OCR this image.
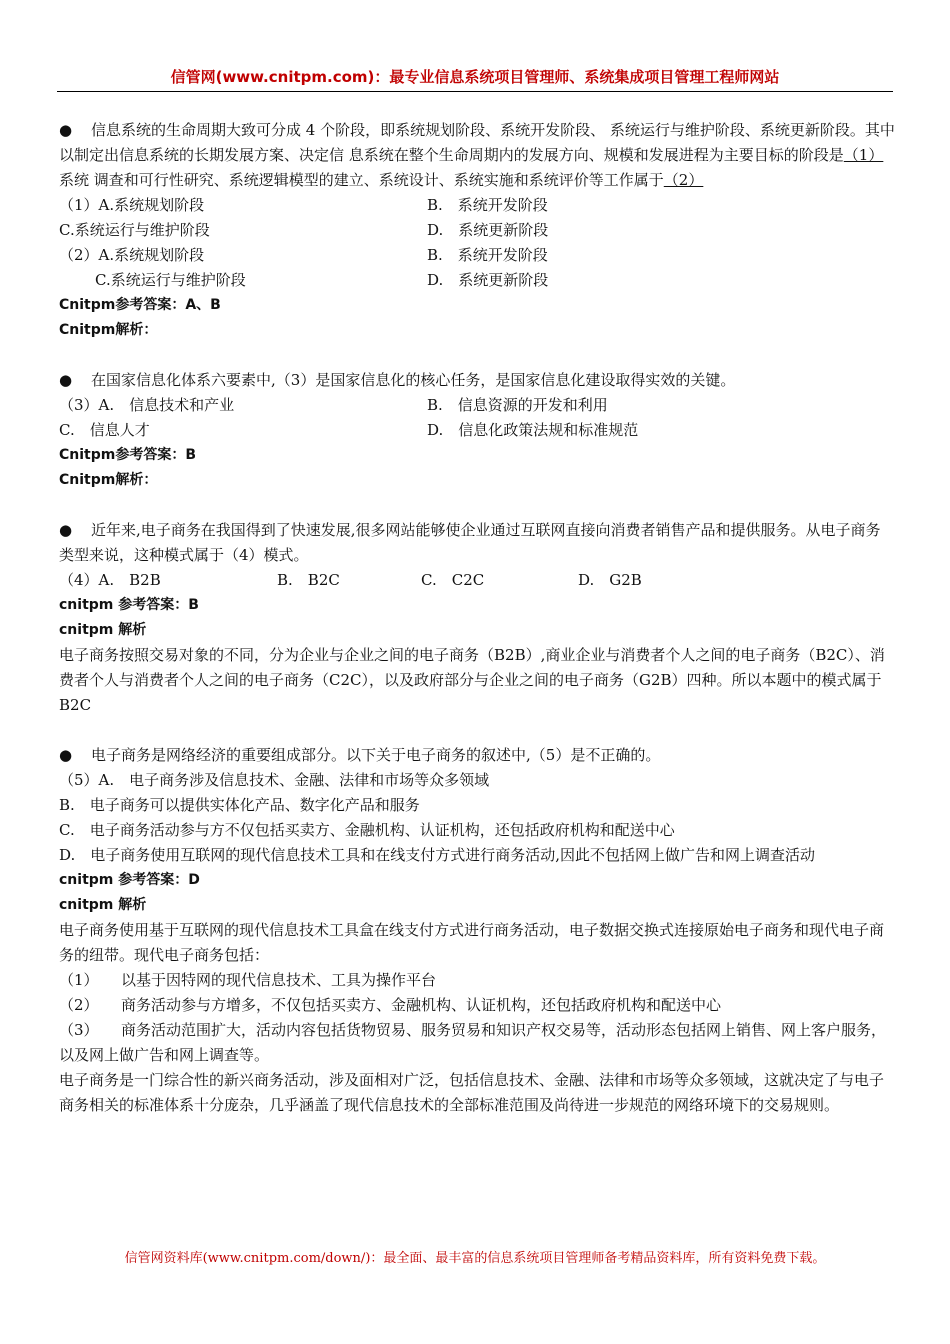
信管网(www.cnitpm.com)：最专业信息系统项目管理师、系统集成项目管理工程师网站

● 信息系统的生命周期大致可分成 4 个阶段，即系统规划阶段、系统开发阶段、 系统运行与维护阶段、系统更新阶段。其中以制定出信息系统的长期发展方案、决定信 息系统在整个生命周期内的发展方向、规模和发展进程为主要目标的阶段是（1）系统 调查和可行性研究、系统逻辑模型的建立、系统设计、系统实施和系统评价等工作属于（2）

（1）A.系统规划阶段	B.　系统开发阶段
C.系统运行与维护阶段	D.　系统更新阶段
（2）A.系统规划阶段	B.　系统开发阶段
C.系统运行与维护阶段	D.　系统更新阶段

Cnitpm参考答案：A、B

Cnitpm解析：

● 在国家信息化体系六要素中,（3）是国家信息化的核心任务，是国家信息化建设取得实效的关键。

（3）A.　信息技术和产业	B.　信息资源的开发和利用
C.　信息人才	D.　信息化政策法规和标准规范

Cnitpm参考答案：B

Cnitpm解析：

● 近年来,电子商务在我国得到了快速发展,很多网站能够使企业通过互联网直接向消费者销售产品和提供服务。从电子商务类型来说，这种模式属于（4）模式。

（4）A.　B2B	B.　B2C	C.　C2C	D.　G2B

cnitpm 参考答案：B

cnitpm 解析

电子商务按照交易对象的不同，分为企业与企业之间的电子商务（B2B）,商业企业与消费者个人之间的电子商务（B2C）、消费者个人与消费者个人之间的电子商务（C2C），以及政府部分与企业之间的电子商务（G2B）四种。所以本题中的模式属于 B2C

● 电子商务是网络经济的重要组成部分。以下关于电子商务的叙述中,（5）是不正确的。

（5）A.　电子商务涉及信息技术、金融、法律和市场等众多领域

B.　电子商务可以提供实体化产品、数字化产品和服务

C.　电子商务活动参与方不仅包括买卖方、金融机构、认证机构，还包括政府机构和配送中心

D.　电子商务使用互联网的现代信息技术工具和在线支付方式进行商务活动,因此不包括网上做广告和网上调查活动

cnitpm 参考答案：D

cnitpm 解析

电子商务使用基于互联网的现代信息技术工具盒在线支付方式进行商务活动，电子数据交换式连接原始电子商务和现代电子商务的纽带。现代电子商务包括：

（1）　　以基于因特网的现代信息技术、工具为操作平台

（2）　　商务活动参与方增多，不仅包括买卖方、金融机构、认证机构，还包括政府机构和配送中心

（3）　　商务活动范围扩大，活动内容包括货物贸易、服务贸易和知识产权交易等，活动形态包括网上销售、网上客户服务，以及网上做广告和网上调查等。

电子商务是一门综合性的新兴商务活动，涉及面相对广泛，包括信息技术、金融、法律和市场等众多领域，这就决定了与电子商务相关的标准体系十分庞杂，几乎涵盖了现代信息技术的全部标准范围及尚待进一步规范的网络环境下的交易规则。

信管网资料库(www.cnitpm.com/down/)：最全面、最丰富的信息系统项目管理师备考精品资料库，所有资料免费下载。
